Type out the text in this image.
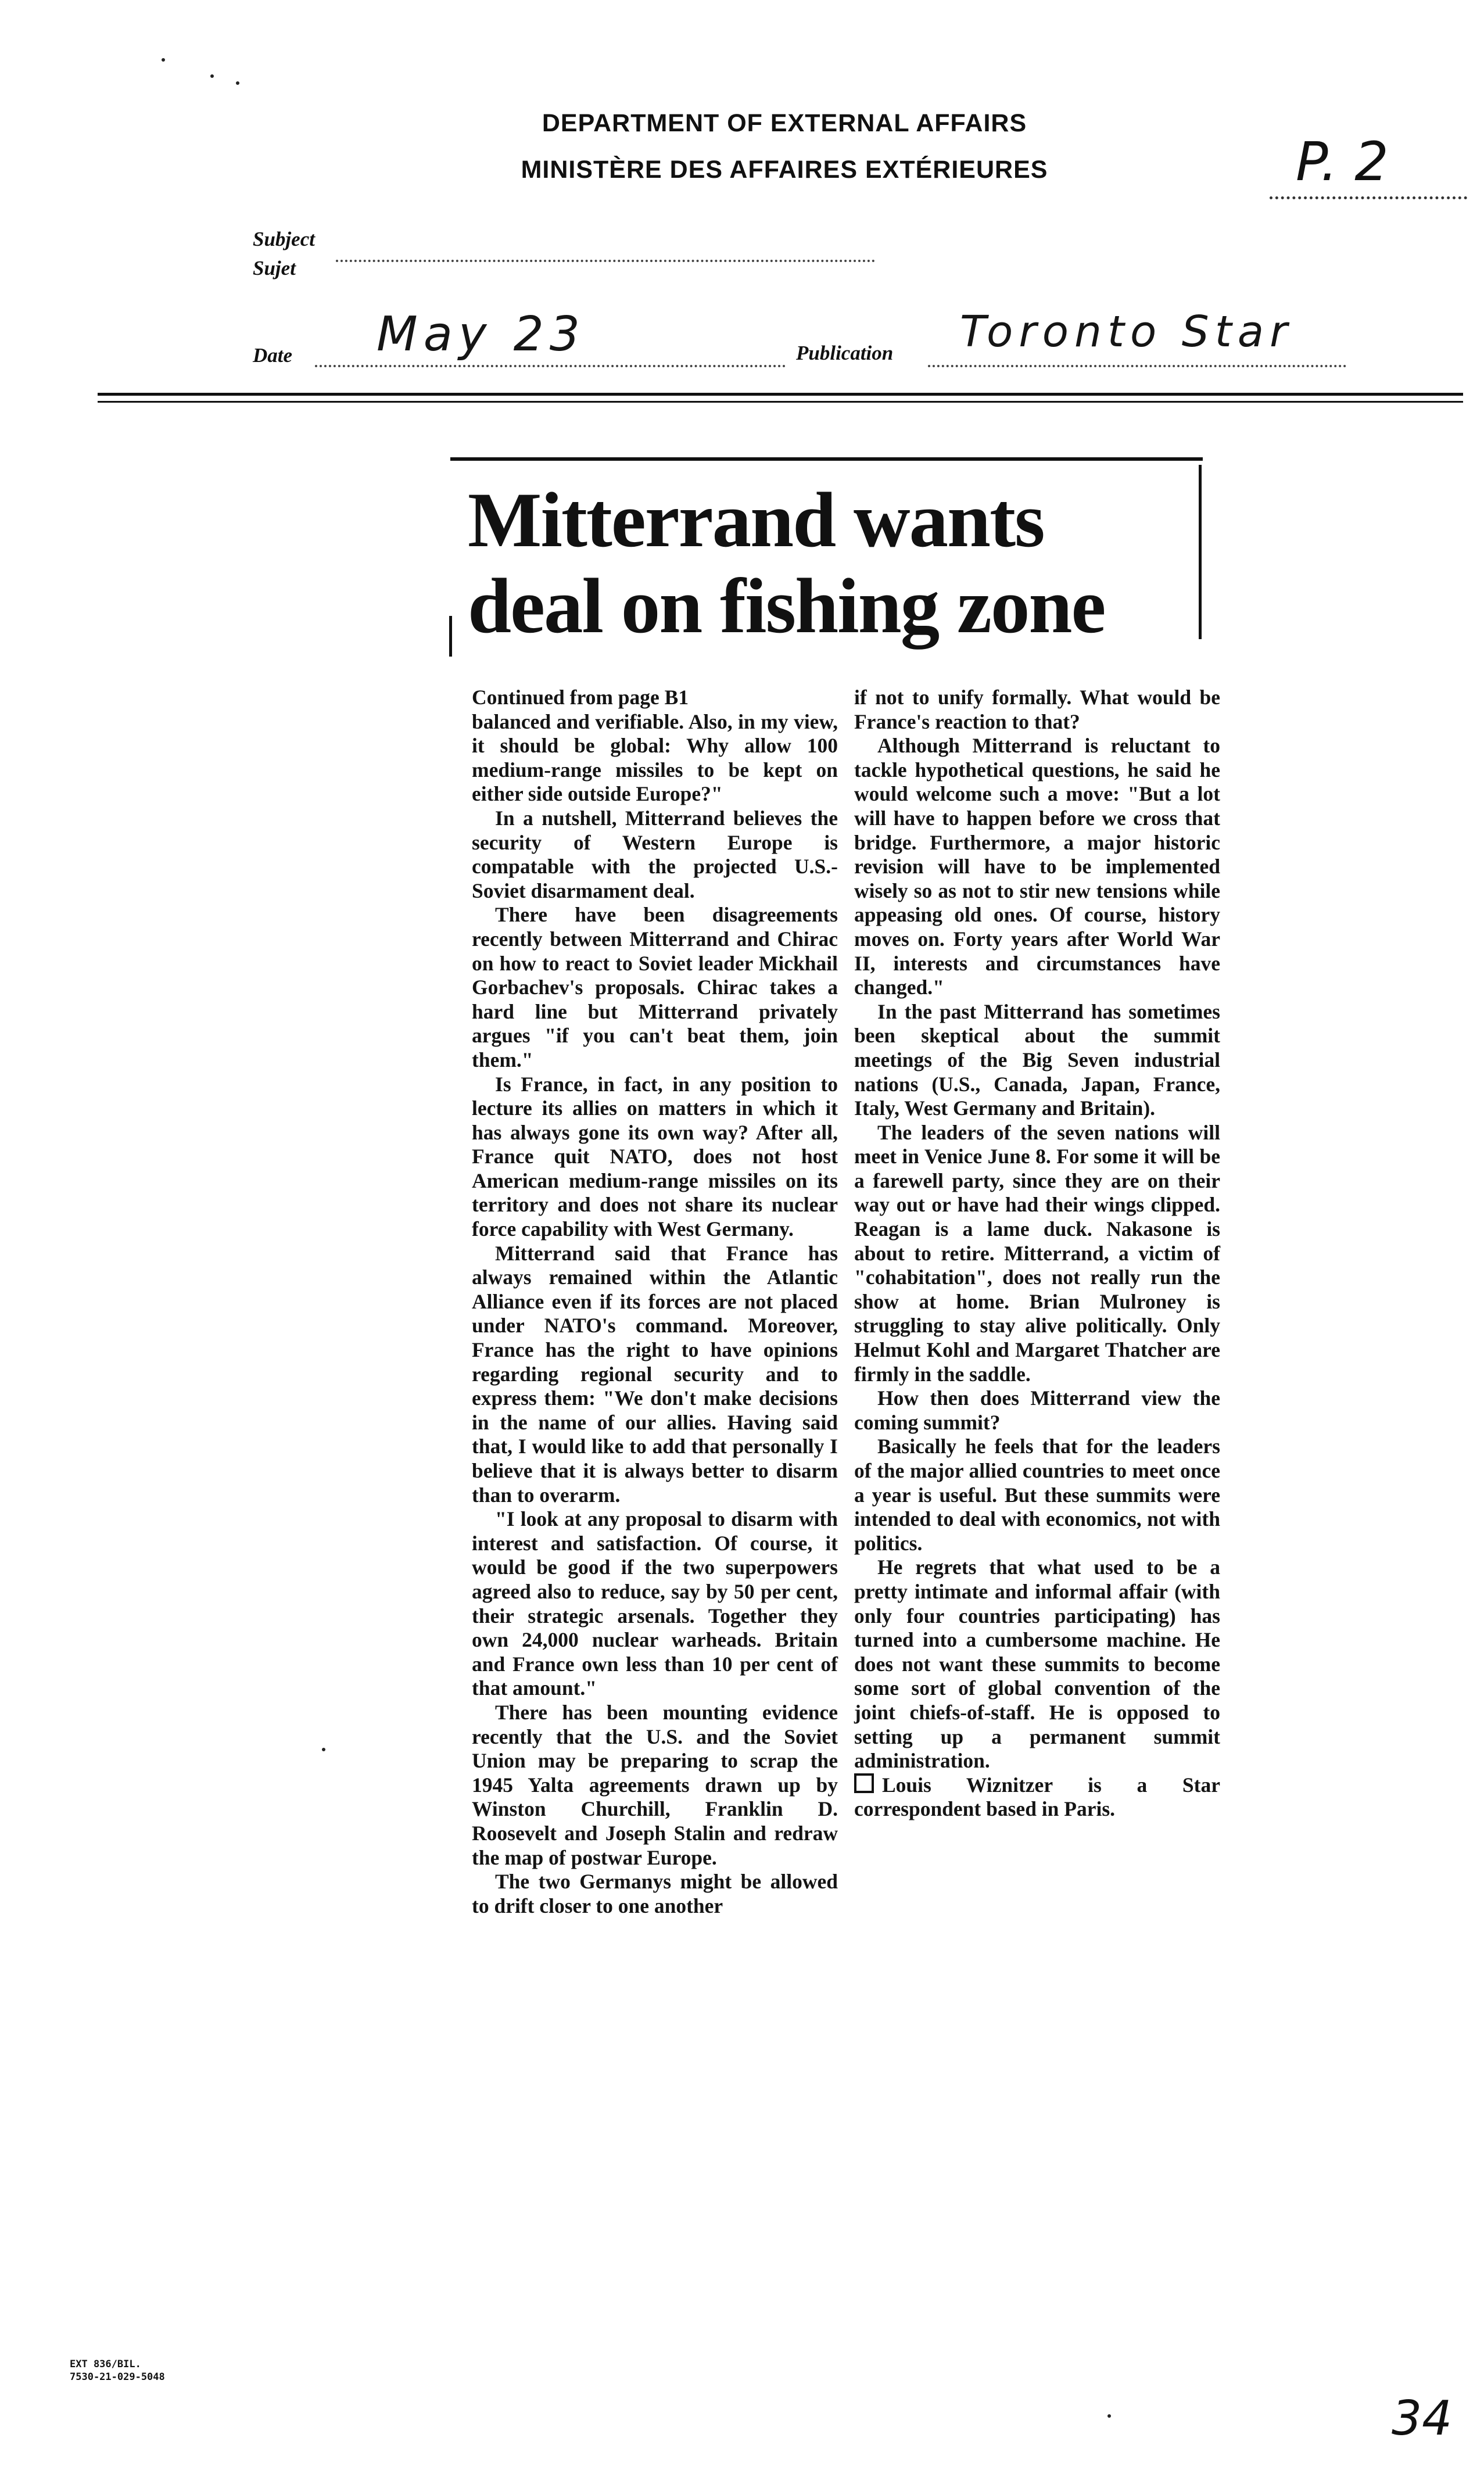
DEPARTMENT OF EXTERNAL AFFAIRS
MINISTÈRE DES AFFAIRES EXTÉRIEURES	P. 2
Subject
Sujet
Date May 23	Publication Toronto Star
Mitterrand wants
deal on fishing zone

Continued from page B1

balanced and verifiable. Also, in my view, it should be global: Why allow 100 medium-range missiles to be kept on either side outside Europe?"

In a nutshell, Mitterrand believes the security of Western Europe is compatable with the projected U.S.-Soviet disarmament deal.

There have been disagreements recently between Mitterrand and Chirac on how to react to Soviet leader Mickhail Gorbachev's proposals. Chirac takes a hard line but Mitterrand privately argues "if you can't beat them, join them."

Is France, in fact, in any position to lecture its allies on matters in which it has always gone its own way? After all, France quit NATO, does not host American medium-range missiles on its territory and does not share its nuclear force capability with West Germany.

Mitterrand said that France has always remained within the Atlantic Alliance even if its forces are not placed under NATO's command. Moreover, France has the right to have opinions regarding regional security and to express them: "We don't make decisions in the name of our allies. Having said that, I would like to add that personally I believe that it is always better to disarm than to overarm.

"I look at any proposal to disarm with interest and satisfaction. Of course, it would be good if the two superpowers agreed also to reduce, say by 50 per cent, their strategic arsenals. Together they own 24,000 nuclear warheads. Britain and France own less than 10 per cent of that amount."

There has been mounting evidence recently that the U.S. and the Soviet Union may be preparing to scrap the 1945 Yalta agreements drawn up by Winston Churchill, Franklin D. Roosevelt and Joseph Stalin and redraw the map of postwar Europe.

The two Germanys might be allowed to drift closer to one another

if not to unify formally. What would be France's reaction to that?

Although Mitterrand is reluctant to tackle hypothetical questions, he said he would welcome such a move: "But a lot will have to happen before we cross that bridge. Furthermore, a major historic revision will have to be implemented wisely so as not to stir new tensions while appeasing old ones. Of course, history moves on. Forty years after World War II, interests and circumstances have changed."

In the past Mitterrand has sometimes been skeptical about the summit meetings of the Big Seven industrial nations (U.S., Canada, Japan, France, Italy, West Germany and Britain).

The leaders of the seven nations will meet in Venice June 8. For some it will be a farewell party, since they are on their way out or have had their wings clipped. Reagan is a lame duck. Nakasone is about to retire. Mitterrand, a victim of "cohabitation", does not really run the show at home. Brian Mulroney is struggling to stay alive politically. Only Helmut Kohl and Margaret Thatcher are firmly in the saddle.

How then does Mitterrand view the coming summit?

Basically he feels that for the leaders of the major allied countries to meet once a year is useful. But these summits were intended to deal with economics, not with politics.

He regrets that what used to be a pretty intimate and informal affair (with only four countries participating) has turned into a cumbersome machine. He does not want these summits to become some sort of global convention of the joint chiefs-of-staff. He is opposed to setting up a permanent summit administration.

Louis Wiznitzer is a Star correspondent based in Paris.

EXT 836/BIL.
7530-21-029-5048
34
